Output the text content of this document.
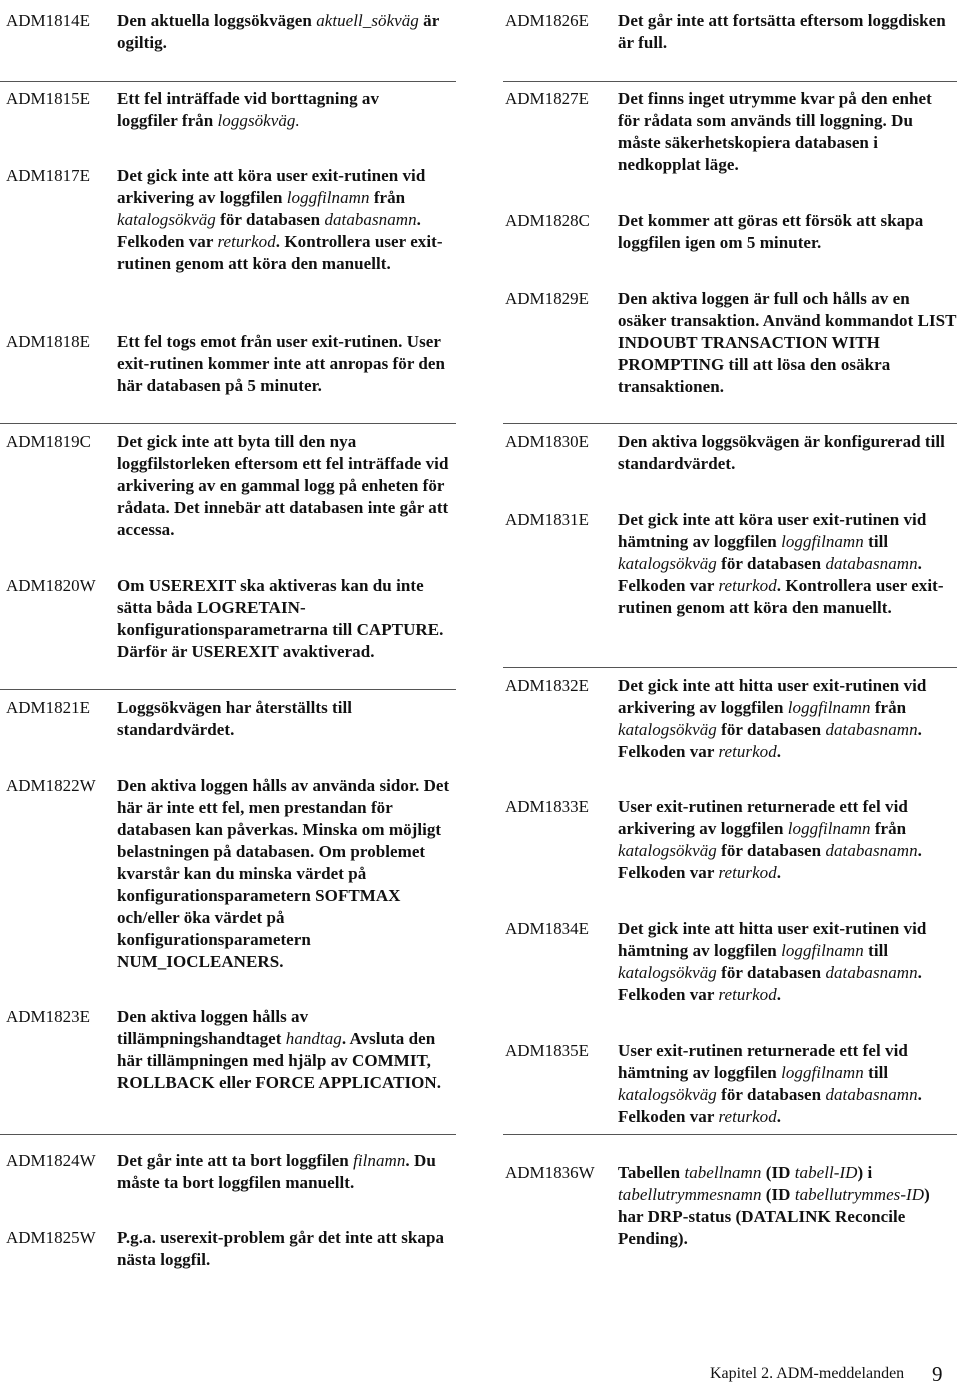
ADM1814E Den aktuella loggsökvägen aktuell_sökväg är ogiltig.
ADM1815E Ett fel inträffade vid borttagning av loggfiler från loggsökväg.
ADM1817E Det gick inte att köra user exit-rutinen vid arkivering av loggfilen loggfilnamn från katalogsökväg för databasen databasnamn. Felkoden var returkod. Kontrollera user exit-rutinen genom att köra den manuellt.
ADM1818E Ett fel togs emot från user exit-rutinen. User exit-rutinen kommer inte att anropas för den här databasen på 5 minuter.
ADM1819C Det gick inte att byta till den nya loggfilstorleken eftersom ett fel inträffade vid arkivering av en gammal logg på enheten för rådata. Det innebär att databasen inte går att accessa.
ADM1820W Om USEREXIT ska aktiveras kan du inte sätta båda LOGRETAIN-konfigurationsparametrarna till CAPTURE. Därför är USEREXIT avaktiverad.
ADM1821E Loggsökvägen har återställts till standardvärdet.
ADM1822W Den aktiva loggen hålls av använda sidor. Det här är inte ett fel, men prestandan för databasen kan påverkas. Minska om möjligt belastningen på databasen. Om problemet kvarstår kan du minska värdet på konfigurationsparametern SOFTMAX och/eller öka värdet på konfigurationsparametern NUM_IOCLEANERS.
ADM1823E Den aktiva loggen hålls av tillämpningshandtaget handtag. Avsluta den här tillämpningen med hjälp av COMMIT, ROLLBACK eller FORCE APPLICATION.
ADM1824W Det går inte att ta bort loggfilen filnamn. Du måste ta bort loggfilen manuellt.
ADM1825W P.g.a. userexit-problem går det inte att skapa nästa loggfil.
ADM1826E Det går inte att fortsätta eftersom loggdisken är full.
ADM1827E Det finns inget utrymme kvar på den enhet för rådata som används till loggning. Du måste säkerhetskopiera databasen i nedkopplat läge.
ADM1828C Det kommer att göras ett försök att skapa loggfilen igen om 5 minuter.
ADM1829E Den aktiva loggen är full och hålls av en osäker transaktion. Använd kommandot LIST INDOUBT TRANSACTION WITH PROMPTING till att lösa den osäkra transaktionen.
ADM1830E Den aktiva loggsökvägen är konfigurerad till standardvärdet.
ADM1831E Det gick inte att köra user exit-rutinen vid hämtning av loggfilen loggfilnamn till katalogsökväg för databasen databasnamn. Felkoden var returkod. Kontrollera user exit-rutinen genom att köra den manuellt.
ADM1832E Det gick inte att hitta user exit-rutinen vid arkivering av loggfilen loggfilnamn från katalogsökväg för databasen databasnamn. Felkoden var returkod.
ADM1833E User exit-rutinen returnerade ett fel vid arkivering av loggfilen loggfilnamn från katalogsökväg för databasen databasnamn. Felkoden var returkod.
ADM1834E Det gick inte att hitta user exit-rutinen vid hämtning av loggfilen loggfilnamn till katalogsökväg för databasen databasnamn. Felkoden var returkod.
ADM1835E User exit-rutinen returnerade ett fel vid hämtning av loggfilen loggfilnamn till katalogsökväg för databasen databasnamn. Felkoden var returkod.
ADM1836W Tabellen tabellnamn (ID tabell-ID) i tabellutrymmesnamn (ID tabellutrymmes-ID) har DRP-status (DATALINK Reconcile Pending).
Kapitel 2. ADM-meddelanden 9
